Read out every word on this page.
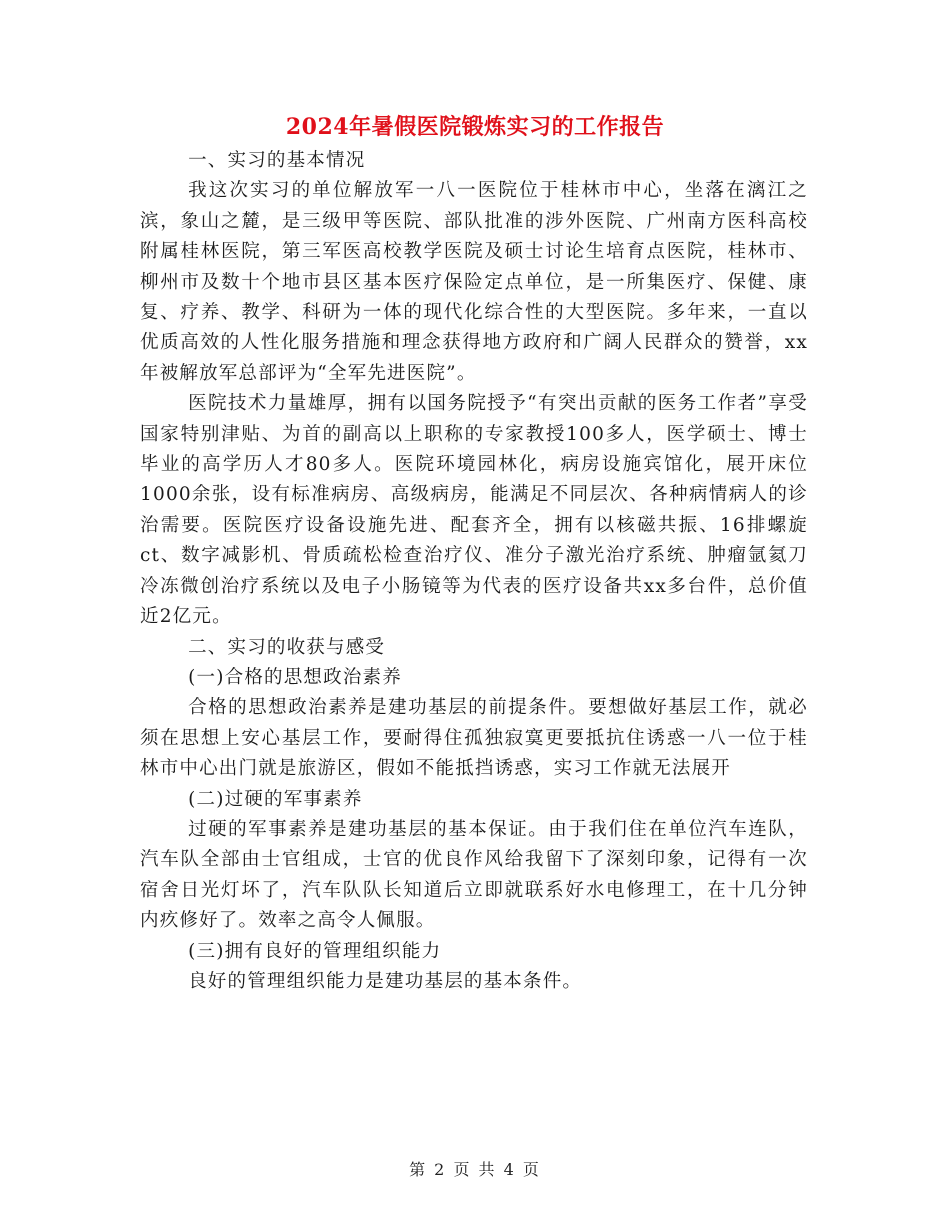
2024年暑假医院锻炼实习的工作报告

一、实习的基本情况

我这次实习的单位解放军一八一医院位于桂林市中心，坐落在漓江之滨，象山之麓，是三级甲等医院、部队批准的涉外医院、广州南方医科高校附属桂林医院，第三军医高校教学医院及硕士讨论生培育点医院，桂林市、柳州市及数十个地市县区基本医疗保险定点单位，是一所集医疗、保健、康复、疗养、教学、科研为一体的现代化综合性的大型医院。多年来，一直以优质高效的人性化服务措施和理念获得地方政府和广阔人民群众的赞誉，xx年被解放军总部评为“全军先进医院”。

医院技术力量雄厚，拥有以国务院授予“有突出贡献的医务工作者”享受国家特别津贴、为首的副高以上职称的专家教授100多人，医学硕士、博士毕业的高学历人才80多人。医院环境园林化，病房设施宾馆化，展开床位1000余张，设有标准病房、高级病房，能满足不同层次、各种病情病人的诊治需要。医院医疗设备设施先进、配套齐全，拥有以核磁共振、16排螺旋ct、数字减影机、骨质疏松检查治疗仪、准分子激光治疗系统、肿瘤氩氦刀冷冻微创治疗系统以及电子小肠镜等为代表的医疗设备共xx多台件，总价值近2亿元。

二、实习的收获与感受

(一)合格的思想政治素养

合格的思想政治素养是建功基层的前提条件。要想做好基层工作，就必须在思想上安心基层工作，要耐得住孤独寂寞更要抵抗住诱惑一八一位于桂林市中心出门就是旅游区，假如不能抵挡诱惑，实习工作就无法展开

(二)过硬的军事素养

过硬的军事素养是建功基层的基本保证。由于我们住在单位汽车连队，汽车队全部由士官组成，士官的优良作风给我留下了深刻印象，记得有一次宿舍日光灯坏了，汽车队队长知道后立即就联系好水电修理工，在十几分钟内疚修好了。效率之高令人佩服。

(三)拥有良好的管理组织能力

良好的管理组织能力是建功基层的基本条件。

第 2 页 共 4 页
